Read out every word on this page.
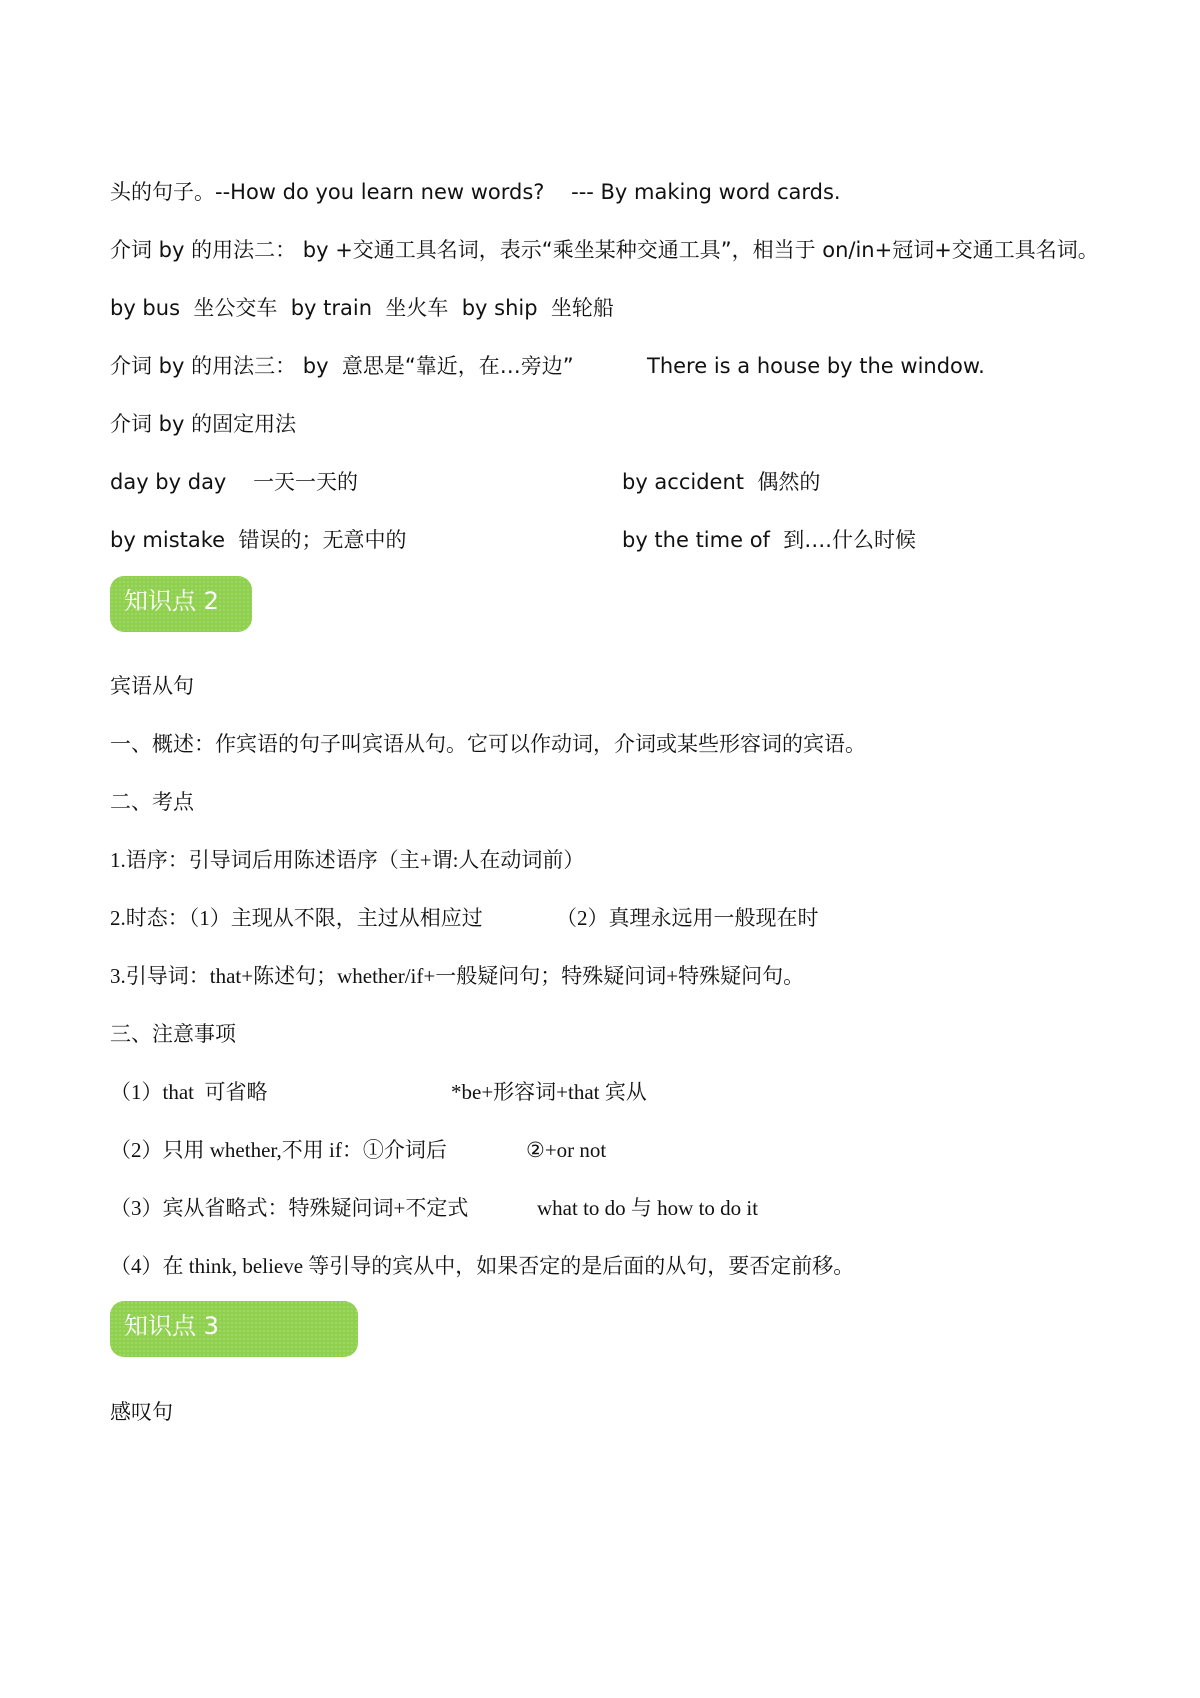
头的句子。--How do you learn new words?    --- By making word cards.
介词 by 的用法二： by +交通工具名词，表示“乘坐某种交通工具”，相当于 on/in+冠词+交通工具名词。
by bus  坐公交车  by train  坐火车  by ship  坐轮船
介词 by 的用法三： by  意思是“靠近，在…旁边”	There is a house by the window.
介词 by 的固定用法
day by day    一天一天的	by accident  偶然的
by mistake  错误的；无意中的	by the time of  到….什么时候
知识点 2
宾语从句
一、概述：作宾语的句子叫宾语从句。它可以作动词，介词或某些形容词的宾语。
二、考点
1.语序：引导词后用陈述语序（主+谓:人在动词前）
2.时态：（1）主现从不限，主过从相应过	（2）真理永远用一般现在时
3.引导词：that+陈述句；whether/if+一般疑问句；特殊疑问词+特殊疑问句。
三、注意事项
（1）that  可省略	*be+形容词+that 宾从
（2）只用 whether,不用 if：①介词后	②+or not
（3）宾从省略式：特殊疑问词+不定式	what to do 与 how to do it
（4）在 think, believe 等引导的宾从中，如果否定的是后面的从句，要否定前移。
知识点 3
感叹句
